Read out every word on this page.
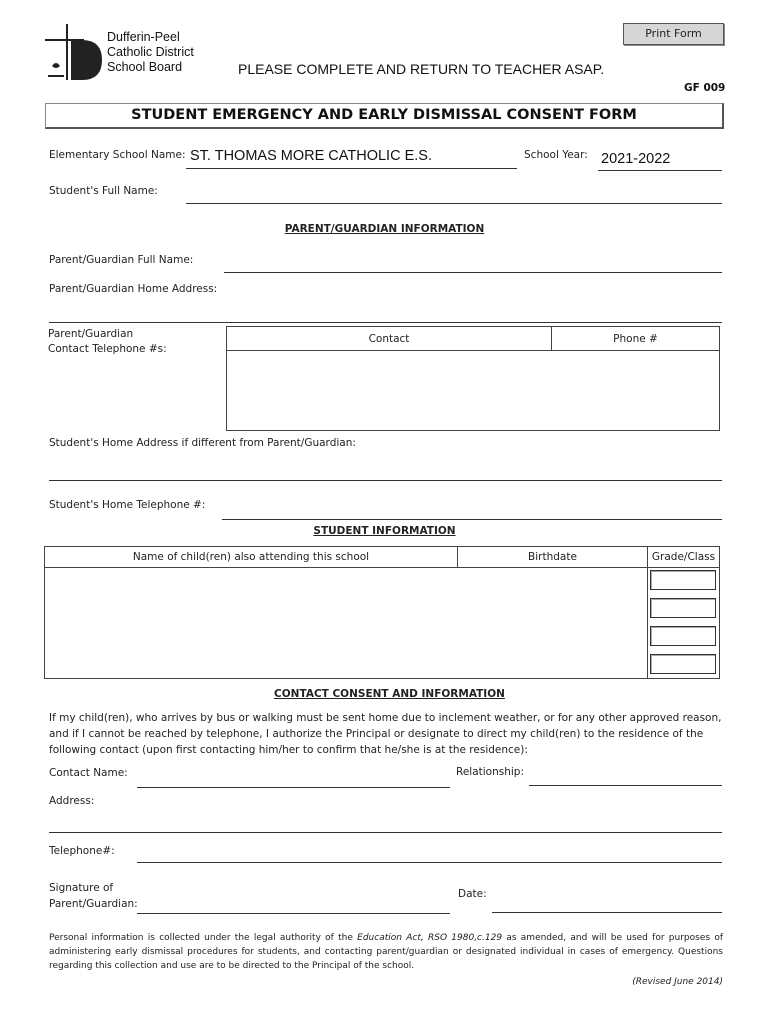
Dufferin-Peel
Catholic District
School Board
Print Form
PLEASE COMPLETE AND RETURN TO TEACHER ASAP.
GF 009
STUDENT EMERGENCY AND EARLY DISMISSAL CONSENT FORM
Elementary School Name: ST. THOMAS MORE CATHOLIC E.S.	School Year: 2021-2022
Student's Full Name:
PARENT/GUARDIAN INFORMATION
Parent/Guardian Full Name:
Parent/Guardian Home Address:
Parent/Guardian
Contact Telephone #s:
Contact	Phone #

Student's Home Address if different from Parent/Guardian:
Student's Home Telephone #:
STUDENT INFORMATION
Name of child(ren) also attending this school	Birthdate	Grade/Class

CONTACT CONSENT AND INFORMATION
If my child(ren), who arrives by bus or walking must be sent home due to inclement weather, or for any other approved reason, and if I cannot be reached by telephone, I authorize the Principal or designate to direct my child(ren) to the residence of the following contact (upon first contacting him/her to confirm that he/she is at the residence):
Contact Name:	Relationship:
Address:
Telephone#:
Signature of
Parent/Guardian:
Date:
Personal information is collected under the legal authority of the Education Act, RSO 1980,c.129 as amended, and will be used for purposes of administering early dismissal procedures for students, and contacting parent/guardian or designated individual in cases of emergency. Questions regarding this collection and use are to be directed to the Principal of the school.
(Revised June 2014)
